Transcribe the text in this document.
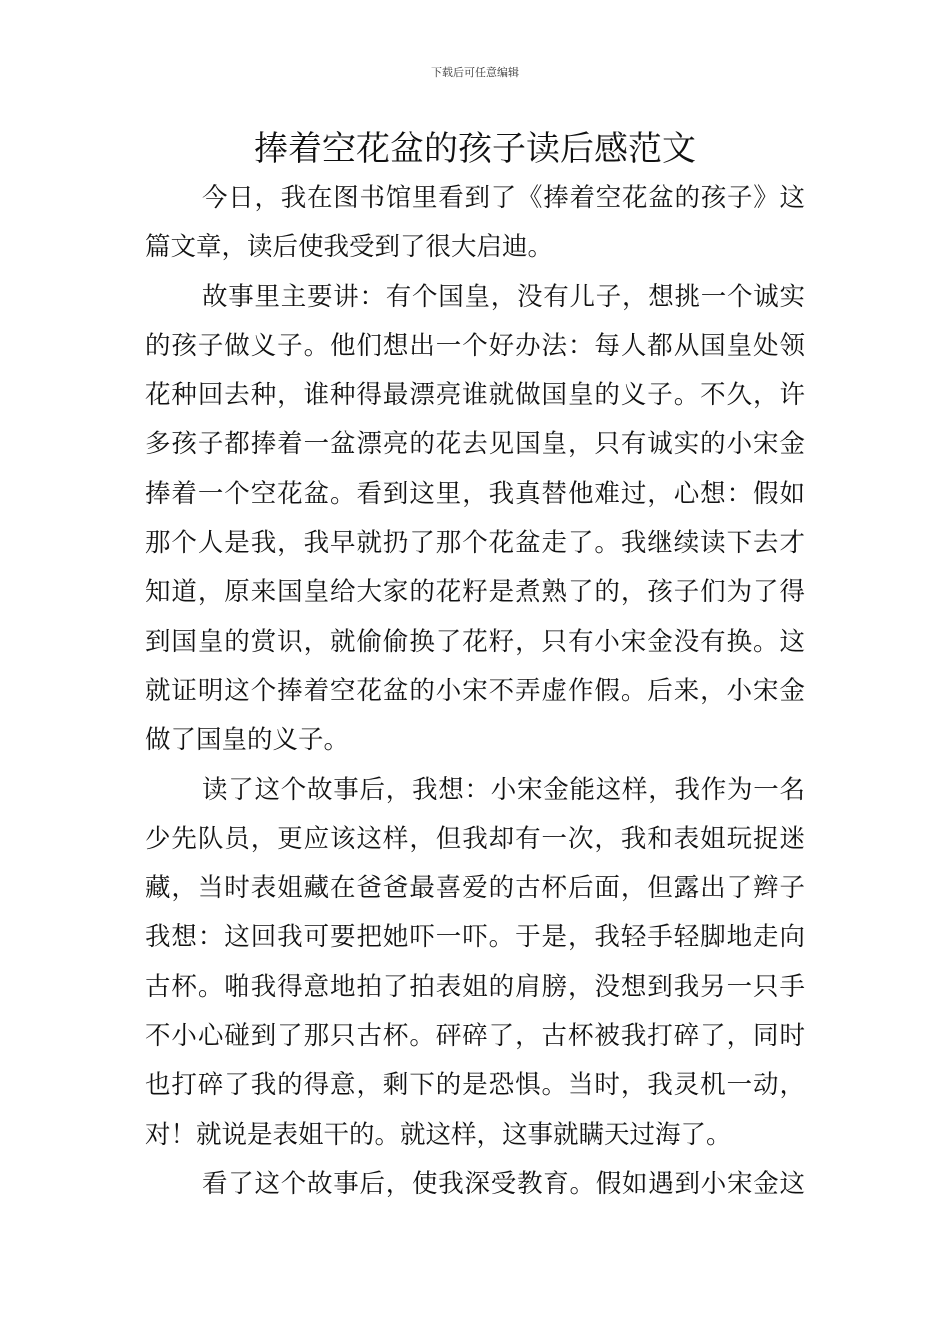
下载后可任意编辑
捧着空花盆的孩子读后感范文

今日，我在图书馆里看到了《捧着空花盆的孩子》这
篇文章，读后使我受到了很大启迪。

故事里主要讲：有个国皇，没有儿子，想挑一个诚实
的孩子做义子。他们想出一个好办法：每人都从国皇处领
花种回去种，谁种得最漂亮谁就做国皇的义子。不久，许
多孩子都捧着一盆漂亮的花去见国皇，只有诚实的小宋金
捧着一个空花盆。看到这里，我真替他难过，心想：假如
那个人是我，我早就扔了那个花盆走了。我继续读下去才
知道，原来国皇给大家的花籽是煮熟了的，孩子们为了得
到国皇的赏识，就偷偷换了花籽，只有小宋金没有换。这
就证明这个捧着空花盆的小宋不弄虚作假。后来，小宋金
做了国皇的义子。

读了这个故事后，我想：小宋金能这样，我作为一名
少先队员，更应该这样，但我却有一次，我和表姐玩捉迷
藏，当时表姐藏在爸爸最喜爱的古杯后面，但露出了辫子
我想：这回我可要把她吓一吓。于是，我轻手轻脚地走向
古杯。啪我得意地拍了拍表姐的肩膀，没想到我另一只手
不小心碰到了那只古杯。砰碎了，古杯被我打碎了，同时
也打碎了我的得意，剩下的是恐惧。当时，我灵机一动，
对！就说是表姐干的。就这样，这事就瞒天过海了。

看了这个故事后，使我深受教育。假如遇到小宋金这
